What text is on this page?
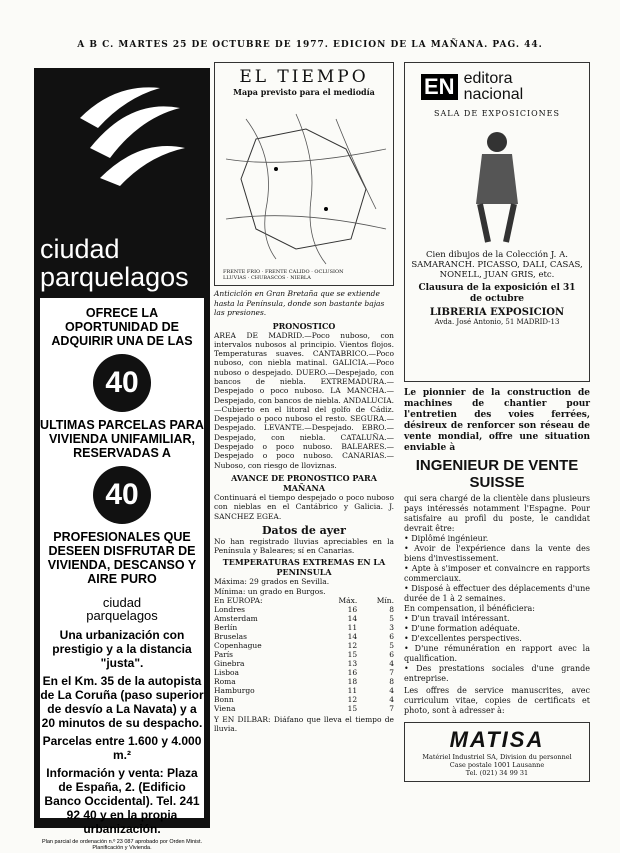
A B C. MARTES 25 DE OCTUBRE DE 1977. EDICION DE LA MAÑANA. PAG. 44.
ciudad
parquelagos
OFRECE LA OPORTUNIDAD DE ADQUIRIR UNA DE LAS
40
ULTIMAS PARCELAS PARA VIVIENDA UNIFAMILIAR, RESERVADAS A
40
PROFESIONALES QUE DESEEN DISFRUTAR DE VIVIENDA, DESCANSO Y AIRE PURO
ciudad
parquelagos
Una urbanización con prestigio y a la distancia "justa".
En el Km. 35 de la autopista de La Coruña (paso superior de desvío a La Navata) y a 20 minutos de su despacho.
Parcelas entre 1.600 y 4.000 m.²
Información y venta: Plaza de España, 2. (Edificio Banco Occidental). Tel. 241 92 40 y en la propia urbanización.
Plan parcial de ordenación n.º 23 087 aprobado por Orden Minist. Planificación y Vivienda.
EL TIEMPO
Mapa previsto para el mediodía
FRENTE FRIO · FRENTE CALIDO · OCLUSION
LLUVIAS · CHUBASCOS · NIEBLA
Anticiclón en Gran Bretaña que se extiende hasta la Península, donde son bastante bajas las presiones.
PRONOSTICO
AREA DE MADRID.—Poco nuboso, con intervalos nubosos al principio. Vientos flojos. Temperaturas suaves. CANTABRICO.—Poco nuboso, con niebla matinal. GALICIA.—Poco nuboso o despejado. DUERO.—Despejado, con bancos de niebla. EXTREMADURA.—Despejado o poco nuboso. LA MANCHA.—Despejado, con bancos de niebla. ANDALUCIA.—Cubierto en el litoral del golfo de Cádiz. Despejado o poco nuboso el resto. SEGURA.—Despejado. LEVANTE.—Despejado. EBRO.—Despejado, con niebla. CATALUÑA.—Despejado o poco nuboso. BALEARES.—Despejado o poco nuboso. CANARIAS.—Nuboso, con riesgo de lloviznas.
AVANCE DE PRONOSTICO PARA MAÑANA
Continuará el tiempo despejado o poco nuboso con nieblas en el Cantábrico y Galicia. J. SANCHEZ EGEA.
Datos de ayer
No han registrado lluvias apreciables en la Península y Baleares; sí en Canarias.
TEMPERATURAS EXTREMAS EN LA PENINSULA
Máxima: 29 grados en Sevilla.
Mínima: un grado en Burgos.
En EUROPA:	Máx.	Mín.
Londres	16	8
Amsterdam	14	5
Berlín	11	3
Bruselas	14	6
Copenhague	12	5
París	15	6
Ginebra	13	4
Lisboa	16	7
Roma	18	8
Hamburgo	11	4
Bonn	12	4
Viena	15	7
Y EN DILBAR: Diáfano que lleva el tiempo de lluvia.
EN editora
nacional
SALA DE EXPOSICIONES
Cien dibujos de la Colección J. A. SAMARANCH. PICASSO, DALI, CASAS, NONELL, JUAN GRIS, etc.
Clausura de la exposición el 31 de octubre
LIBRERIA EXPOSICION
Avda. José Antonio, 51 MADRID-13
Le pionnier de la construction de machines de chantier pour l'entretien des voies ferrées, désireux de renforcer son réseau de vente mondial, offre une situation enviable à
INGENIEUR DE VENTE
SUISSE
qui sera chargé de la clientèle dans plusieurs pays intéressés notamment l'Espagne. Pour satisfaire au profil du poste, le candidat devrait être:
• Diplômé ingénieur.
• Avoir de l'expérience dans la vente des biens d'investissement.
• Apte à s'imposer et convaincre en rapports commerciaux.
• Disposé à effectuer des déplacements d'une durée de 1 à 2 semaines.
En compensation, il bénéficiera:
• D'un travail intéressant.
• D'une formation adéquate.
• D'excellentes perspectives.
• D'une rémunération en rapport avec la qualification.
• Des prestations sociales d'une grande entreprise.
Les offres de service manuscrites, avec curriculum vitae, copies de certificats et photo, sont à adresser à:
MATISA
Matériel Industriel SA, Division du personnel
Case postale 1001 Lausanne
Tel. (021) 34 99 31
